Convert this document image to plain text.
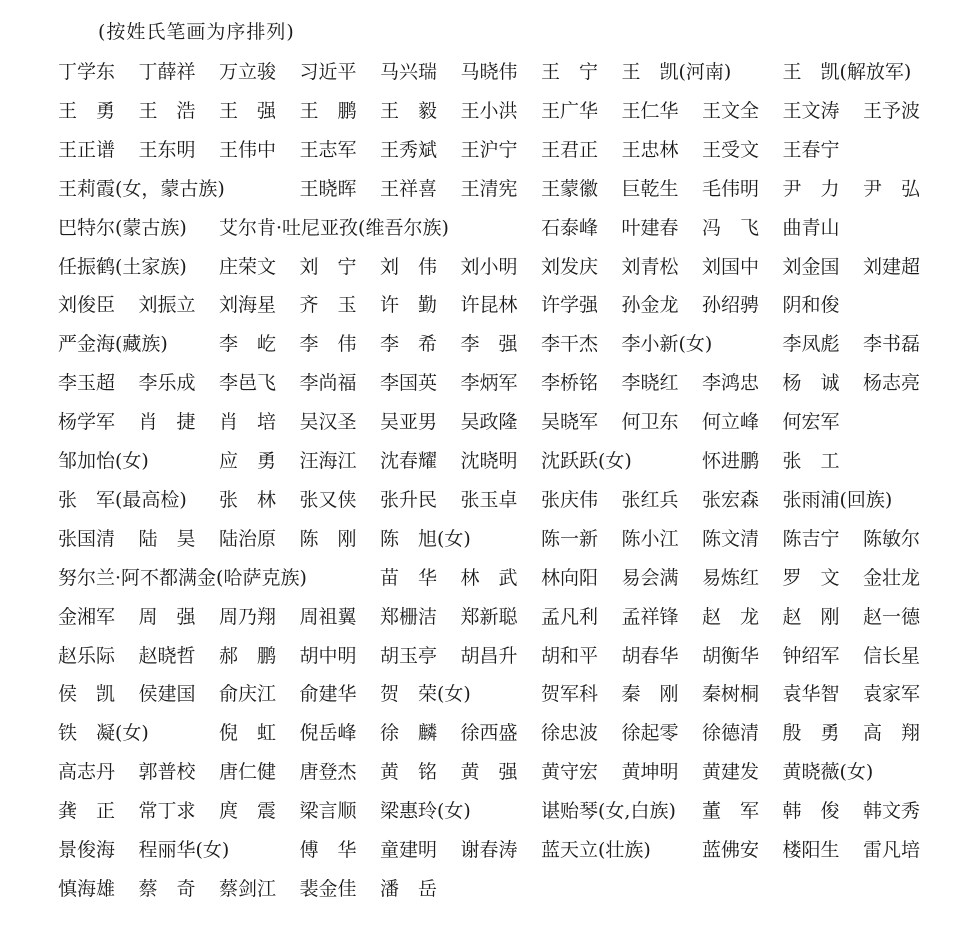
(按姓氏笔画为序排列)
丁学东 丁薛祥 万立骏 习近平 马兴瑞 马晓伟 王　宁 王　凯(河南)	王　凯(解放军)
王　勇 王　浩 王　强 王　鹏 王　毅 王小洪 王广华 王仁华 王文全 王文涛 王予波
王正谱 王东明 王伟中 王志军 王秀斌 王沪宁 王君正 王忠林 王受文 王春宁
王莉霞(女，蒙古族)	王晓晖 王祥喜 王清宪 王蒙徽 巨乾生 毛伟明 尹　力 尹　弘
巴特尔(蒙古族) 艾尔肯·吐尼亚孜(维吾尔族)	石泰峰 叶建春 冯　飞 曲青山
任振鹤(土家族) 庄荣文 刘　宁 刘　伟 刘小明 刘发庆 刘青松 刘国中 刘金国 刘建超
刘俊臣 刘振立 刘海星 齐　玉 许　勤 许昆林 许学强 孙金龙 孙绍骋 阴和俊
严金海(藏族)	李　屹 李　伟 李　希 李　强 李干杰 李小新(女)	李凤彪 李书磊
李玉超 李乐成 李邑飞 李尚福 李国英 李炳军 李桥铭 李晓红 李鸿忠 杨　诚 杨志亮
杨学军 肖　捷 肖　培 吴汉圣 吴亚男 吴政隆 吴晓军 何卫东 何立峰 何宏军
邹加怡(女)	应　勇 汪海江 沈春耀 沈晓明 沈跃跃(女)	怀进鹏 张　工
张　军(最高检) 张　林 张又侠 张升民 张玉卓 张庆伟 张红兵 张宏森 张雨浦(回族)
张国清 陆　昊 陆治原 陈　刚 陈　旭(女)	陈一新 陈小江 陈文清 陈吉宁 陈敏尔
努尔兰·阿不都满金(哈萨克族)	苗　华 林　武 林向阳 易会满 易炼红 罗　文 金壮龙
金湘军 周　强 周乃翔 周祖翼 郑栅洁 郑新聪 孟凡利 孟祥锋 赵　龙 赵　刚 赵一德
赵乐际 赵晓哲 郝　鹏 胡中明 胡玉亭 胡昌升 胡和平 胡春华 胡衡华 钟绍军 信长星
侯　凯 侯建国 俞庆江 俞建华 贺　荣(女)	贺军科 秦　刚 秦树桐 袁华智 袁家军
铁　凝(女)	倪　虹 倪岳峰 徐　麟 徐西盛 徐忠波 徐起零 徐德清 殷　勇 高　翔
高志丹 郭普校 唐仁健 唐登杰 黄　铭 黄　强 黄守宏 黄坤明 黄建发 黄晓薇(女)
龚　正 常丁求 庹　震 梁言顺 梁惠玲(女)	谌贻琴(女,白族) 董　军 韩　俊 韩文秀
景俊海 程丽华(女)	傅　华 童建明 谢春涛 蓝天立(壮族)	蓝佛安 楼阳生 雷凡培
慎海雄 蔡　奇 蔡剑江 裴金佳 潘　岳
